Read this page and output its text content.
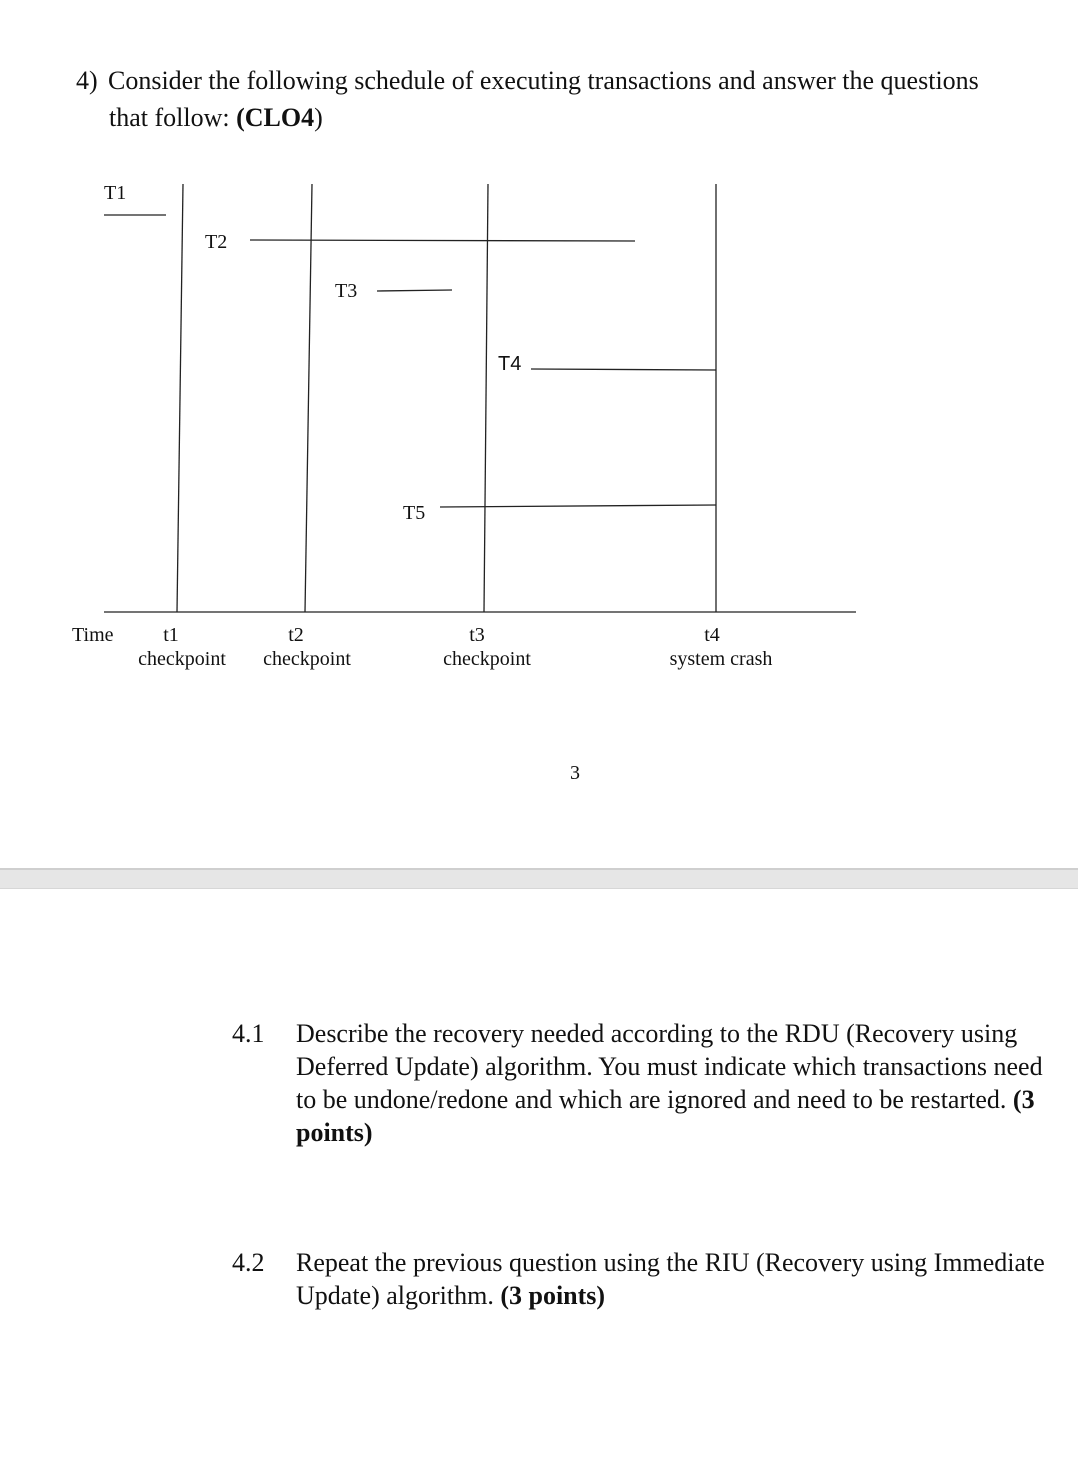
4) Consider the following schedule of executing transactions and answer the questions
that follow: (CLO4)
T1
T2
T3
T4
T5
Time t1
checkpoint
t2
checkpoint
t3
checkpoint
t4
system crash
3
4.1 Describe the recovery needed according to the RDU (Recovery using Deferred Update) algorithm. You must indicate which transactions need to be undone/redone and which are ignored and need to be restarted. (3 points)
4.2 Repeat the previous question using the RIU (Recovery using Immediate Update) algorithm. (3 points)
